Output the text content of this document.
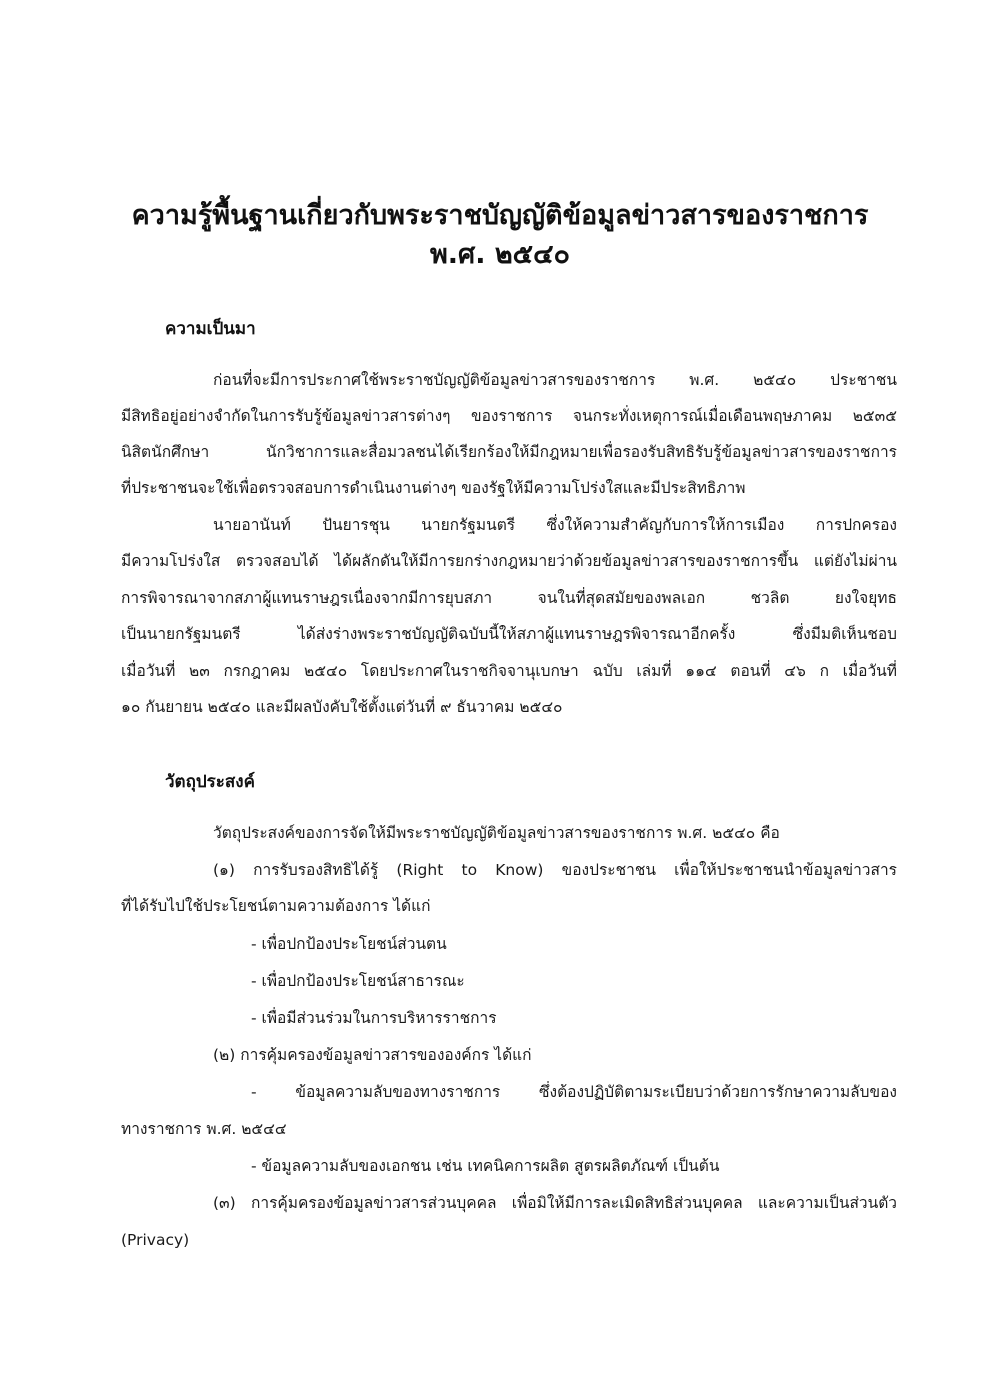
ความรู้พื้นฐานเกี่ยวกับพระราชบัญญัติข้อมูลข่าวสารของราชการ
พ.ศ. ๒๕๔๐
ความเป็นมา
ก่อนที่จะมีการประกาศใช้พระราชบัญญัติข้อมูลข่าวสารของราชการ พ.ศ. ๒๕๔๐ ประชาชน
มีสิทธิอยู่อย่างจำกัดในการรับรู้ข้อมูลข่าวสารต่างๆ ของราชการ จนกระทั่งเหตุการณ์เมื่อเดือนพฤษภาคม ๒๕๓๕
นิสิตนักศึกษา นักวิชาการและสื่อมวลชนได้เรียกร้องให้มีกฎหมายเพื่อรองรับสิทธิรับรู้ข้อมูลข่าวสารของราชการ
ที่ประชาชนจะใช้เพื่อตรวจสอบการดำเนินงานต่างๆ ของรัฐให้มีความโปร่งใสและมีประสิทธิภาพ
นายอานันท์ ปันยารชุน นายกรัฐมนตรี ซึ่งให้ความสำคัญกับการให้การเมือง การปกครอง
มีความโปร่งใส ตรวจสอบได้ ได้ผลักดันให้มีการยกร่างกฎหมายว่าด้วยข้อมูลข่าวสารของราชการขึ้น แต่ยังไม่ผ่าน
การพิจารณาจากสภาผู้แทนราษฎรเนื่องจากมีการยุบสภา จนในที่สุดสมัยของพลเอก ชวลิต ยงใจยุทธ
เป็นนายกรัฐมนตรี ได้ส่งร่างพระราชบัญญัติฉบับนี้ให้สภาผู้แทนราษฎรพิจารณาอีกครั้ง ซึ่งมีมติเห็นชอบ
เมื่อวันที่ ๒๓ กรกฎาคม ๒๕๔๐ โดยประกาศในราชกิจจานุเบกษา ฉบับ เล่มที่ ๑๑๔ ตอนที่ ๔๖ ก เมื่อวันที่
๑๐ กันยายน ๒๕๔๐ และมีผลบังคับใช้ตั้งแต่วันที่ ๙ ธันวาคม ๒๕๔๐
วัตถุประสงค์
วัตถุประสงค์ของการจัดให้มีพระราชบัญญัติข้อมูลข่าวสารของราชการ พ.ศ. ๒๕๔๐ คือ
(๑) การรับรองสิทธิได้รู้ (Right to Know) ของประชาชน เพื่อให้ประชาชนนำข้อมูลข่าวสาร
ที่ได้รับไปใช้ประโยชน์ตามความต้องการ ได้แก่
- เพื่อปกป้องประโยชน์ส่วนตน
- เพื่อปกป้องประโยชน์สาธารณะ
- เพื่อมีส่วนร่วมในการบริหารราชการ
(๒) การคุ้มครองข้อมูลข่าวสารขององค์กร ได้แก่
- ข้อมูลความลับของทางราชการ ซึ่งต้องปฏิบัติตามระเบียบว่าด้วยการรักษาความลับของ
ทางราชการ พ.ศ. ๒๕๔๔
- ข้อมูลความลับของเอกชน เช่น เทคนิคการผลิต สูตรผลิตภัณฑ์ เป็นต้น
(๓) การคุ้มครองข้อมูลข่าวสารส่วนบุคคล เพื่อมิให้มีการละเมิดสิทธิส่วนบุคคล และความเป็นส่วนตัว
(Privacy)
